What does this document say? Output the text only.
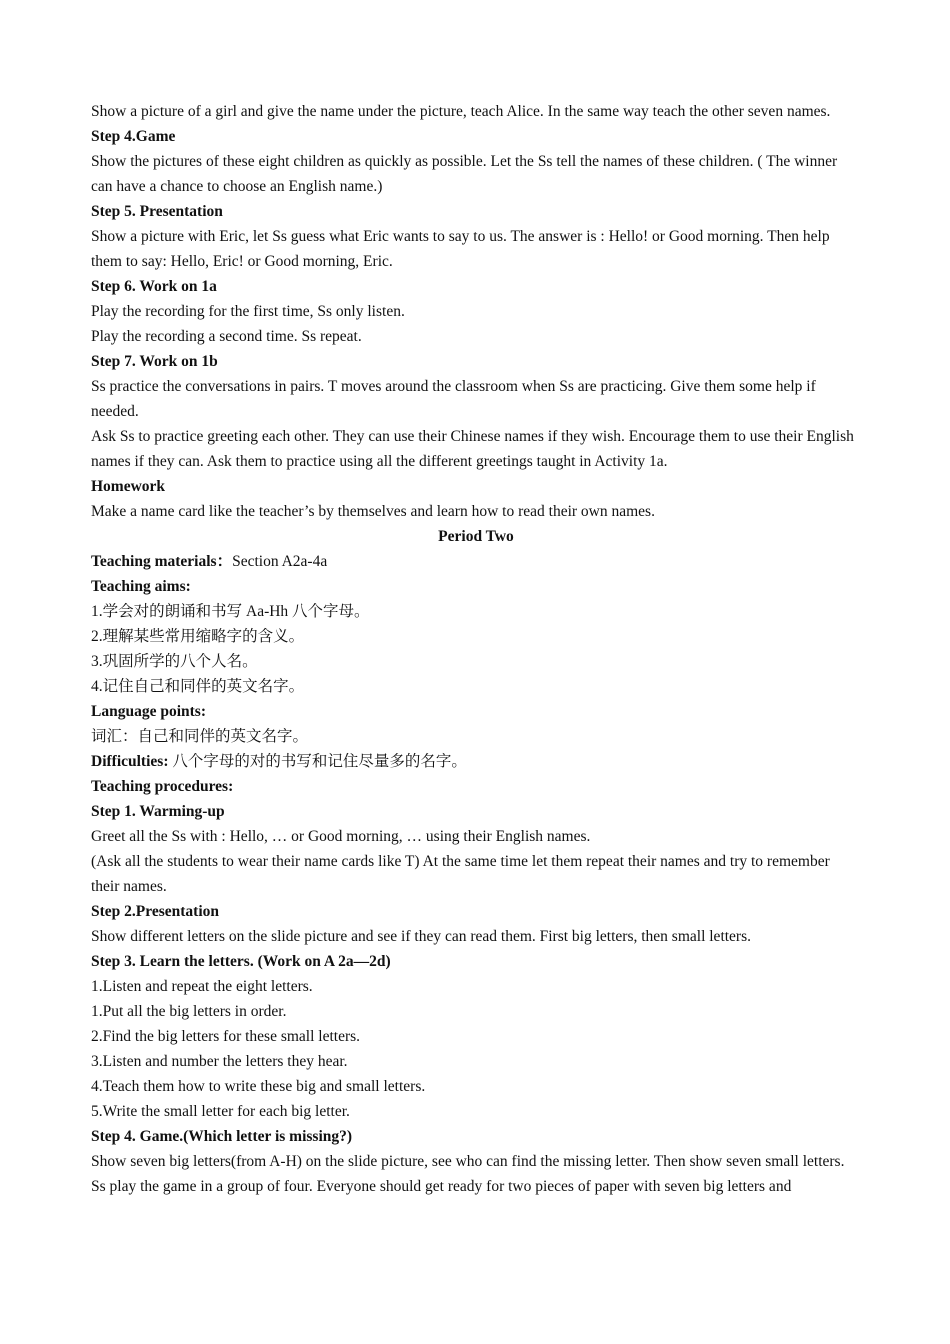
Show a picture of a girl and give the name under the picture, teach Alice. In the same way teach the other seven names.
Step 4.Game
Show the pictures of these eight children as quickly as possible. Let the Ss tell the names of these children. ( The winner can have a chance to choose an English name.)
Step 5. Presentation
Show a picture with Eric, let Ss guess what Eric wants to say to us. The answer is : Hello! or Good morning. Then help them to say: Hello, Eric! or Good morning, Eric.
Step 6. Work on 1a
Play the recording for the first time, Ss only listen.
Play the recording a second time. Ss repeat.
Step 7. Work on 1b
Ss practice the conversations in pairs. T moves around the classroom when Ss are practicing. Give them some help if needed.
Ask Ss to practice greeting each other. They can use their Chinese names if they wish. Encourage them to use their English names if they can. Ask them to practice using all the different greetings taught in Activity 1a.
Homework
Make a name card like the teacher’s by themselves and learn how to read their own names.
Period Two
Teaching materials：Section A2a-4a
Teaching aims:
1.学会对的朗诵和书写 Aa-Hh 八个字母。
2.理解某些常用缩略字的含义。
3.巩固所学的八个人名。
4.记住自己和同伴的英文名字。
Language points:
词汇：自己和同伴的英文名字。
Difficulties: 八个字母的对的书写和记住尽量多的名字。
Teaching procedures:
Step 1. Warming-up
Greet all the Ss with : Hello, … or Good morning, … using their English names.
(Ask all the students to wear their name cards like T) At the same time let them repeat their names and try to remember their names.
Step 2.Presentation
Show different letters on the slide picture and see if they can read them. First big letters, then small letters.
Step 3. Learn the letters. (Work on A 2a—2d)
1.Listen and repeat the eight letters.
1.Put all the big letters in order.
2.Find the big letters for these small letters.
3.Listen and number the letters they hear.
4.Teach them how to write these big and small letters.
5.Write the small letter for each big letter.
Step 4. Game.(Which letter is missing?)
Show seven big letters(from A-H) on the slide picture, see who can find the missing letter. Then show seven small letters.
Ss play the game in a group of four. Everyone should get ready for two pieces of paper with seven big letters and
